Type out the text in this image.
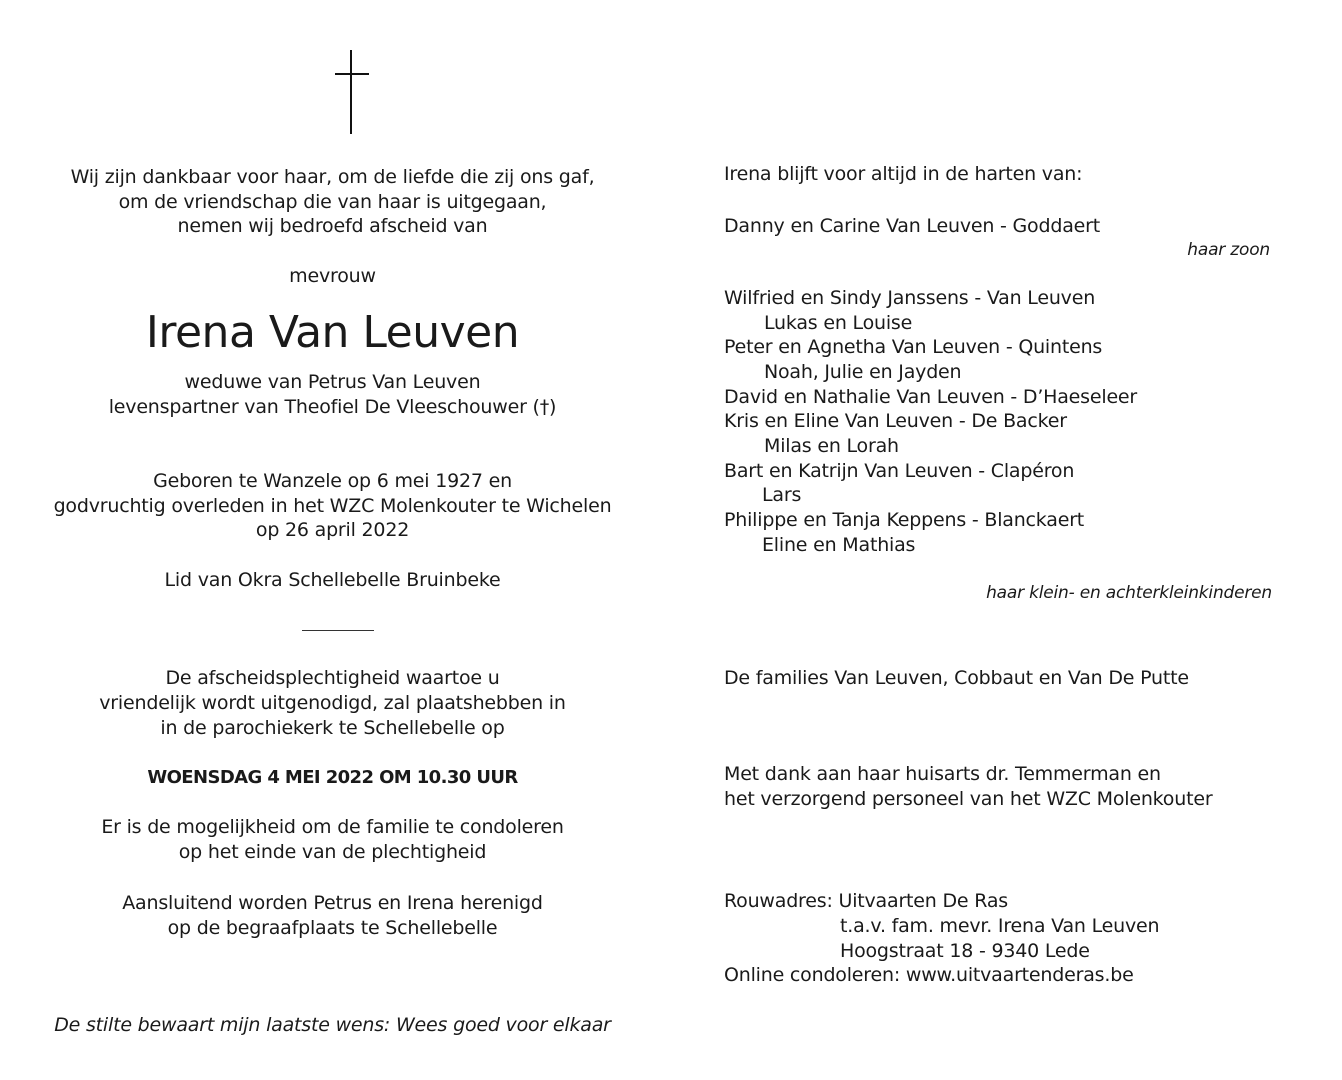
Wij zijn dankbaar voor haar, om de liefde die zij ons gaf,
om de vriendschap die van haar is uitgegaan,
nemen wij bedroefd afscheid van
mevrouw
Irena Van Leuven
weduwe van Petrus Van Leuven
levenspartner van Theofiel De Vleeschouwer (†)
Geboren te Wanzele op 6 mei 1927 en
godvruchtig overleden in het WZC Molenkouter te Wichelen
op 26 april 2022
Lid van Okra Schellebelle Bruinbeke
De afscheidsplechtigheid waartoe u
vriendelijk wordt uitgenodigd, zal plaatshebben in
in de parochiekerk te Schellebelle op
WOENSDAG 4 MEI 2022 OM 10.30 UUR
Er is de mogelijkheid om de familie te condoleren
op het einde van de plechtigheid
Aansluitend worden Petrus en Irena herenigd
op de begraafplaats te Schellebelle
De stilte bewaart mijn laatste wens: Wees goed voor elkaar
Irena blijft voor altijd in de harten van:
Danny en Carine Van Leuven - Goddaert
haar zoon
Wilfried en Sindy Janssens - Van Leuven
Lukas en Louise
Peter en Agnetha Van Leuven - Quintens
Noah, Julie en Jayden
David en Nathalie Van Leuven - D’Haeseleer
Kris en Eline Van Leuven - De Backer
Milas en Lorah
Bart en Katrijn Van Leuven - Clapéron
Lars
Philippe en Tanja Keppens - Blanckaert
Eline en Mathias
haar klein- en achterkleinkinderen
De families Van Leuven, Cobbaut en Van De Putte
Met dank aan haar huisarts dr. Temmerman en
het verzorgend personeel van het WZC Molenkouter
Rouwadres: Uitvaarten De Ras
t.a.v. fam. mevr. Irena Van Leuven
Hoogstraat 18 - 9340 Lede
Online condoleren: www.uitvaartenderas.be
